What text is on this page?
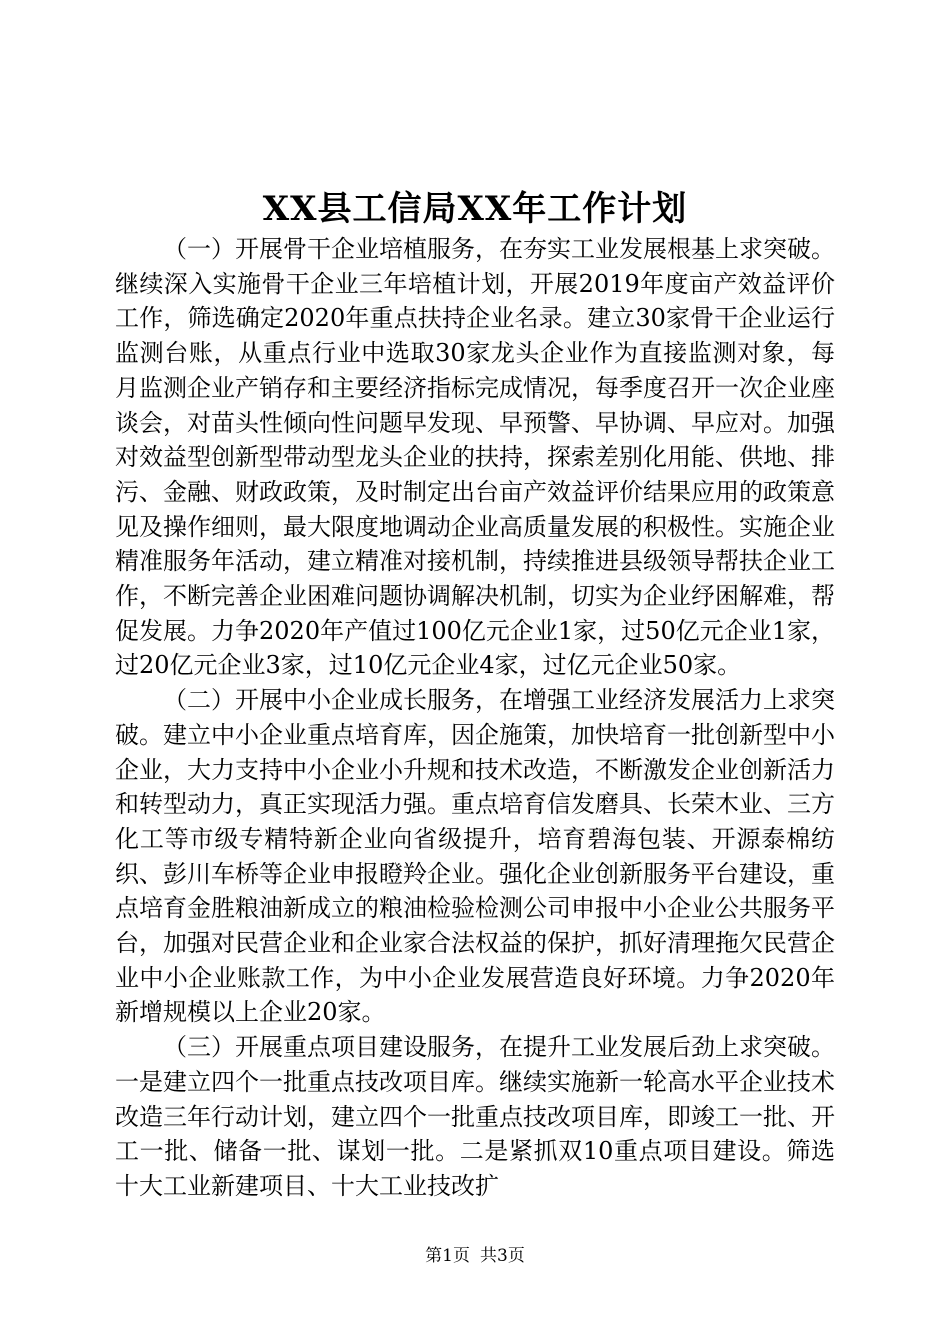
XX县工信局XX年工作计划

（一）开展骨干企业培植服务，在夯实工业发展根基上求突破。继续深入实施骨干企业三年培植计划，开展2019年度亩产效益评价工作，筛选确定2020年重点扶持企业名录。建立30家骨干企业运行监测台账，从重点行业中选取30家龙头企业作为直接监测对象，每月监测企业产销存和主要经济指标完成情况，每季度召开一次企业座谈会，对苗头性倾向性问题早发现、早预警、早协调、早应对。加强对效益型创新型带动型龙头企业的扶持，探索差别化用能、供地、排污、金融、财政政策，及时制定出台亩产效益评价结果应用的政策意见及操作细则，最大限度地调动企业高质量发展的积极性。实施企业精准服务年活动，建立精准对接机制，持续推进县级领导帮扶企业工作，不断完善企业困难问题协调解决机制，切实为企业纾困解难，帮促发展。力争2020年产值过100亿元企业1家，过50亿元企业1家，过20亿元企业3家，过10亿元企业4家，过亿元企业50家。

（二）开展中小企业成长服务，在增强工业经济发展活力上求突破。建立中小企业重点培育库，因企施策，加快培育一批创新型中小企业，大力支持中小企业小升规和技术改造，不断激发企业创新活力和转型动力，真正实现活力强。重点培育信发磨具、长荣木业、三方化工等市级专精特新企业向省级提升，培育碧海包装、开源泰棉纺织、彭川车桥等企业申报瞪羚企业。强化企业创新服务平台建设，重点培育金胜粮油新成立的粮油检验检测公司申报中小企业公共服务平台，加强对民营企业和企业家合法权益的保护，抓好清理拖欠民营企业中小企业账款工作，为中小企业发展营造良好环境。力争2020年新增规模以上企业20家。

（三）开展重点项目建设服务，在提升工业发展后劲上求突破。一是建立四个一批重点技改项目库。继续实施新一轮高水平企业技术改造三年行动计划，建立四个一批重点技改项目库，即竣工一批、开工一批、储备一批、谋划一批。二是紧抓双10重点项目建设。筛选十大工业新建项目、十大工业技改扩

第1页 共3页
